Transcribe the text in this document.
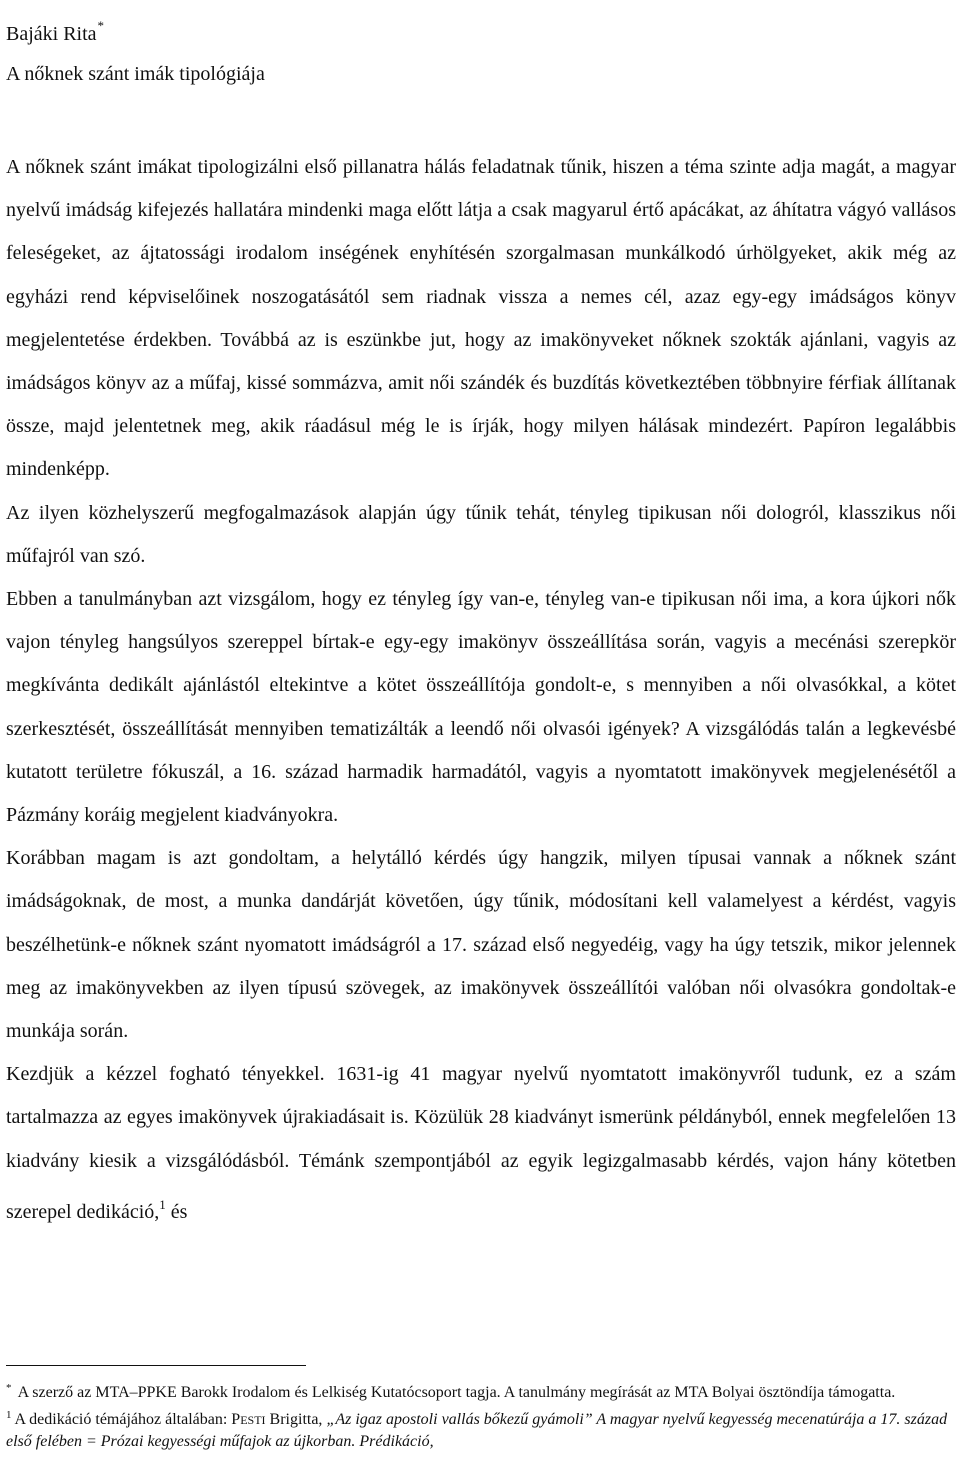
Bajáki Rita*
A nőknek szánt imák tipológiája

A nőknek szánt imákat tipologizálni első pillanatra hálás feladatnak tűnik, hiszen a téma szinte adja magát, a magyar nyelvű imádság kifejezés hallatára mindenki maga előtt látja a csak magyarul értő apácákat, az áhítatra vágyó vallásos feleségeket, az ájtatossági irodalom inségének enyhítésén szorgalmasan munkálkodó úrhölgyeket, akik még az egyházi rend képviselőinek noszogatásától sem riadnak vissza a nemes cél, azaz egy-egy imádságos könyv megjelentetése érdekben. Továbbá az is eszünkbe jut, hogy az imakönyveket nőknek szokták ajánlani, vagyis az imádságos könyv az a műfaj, kissé sommázva, amit női szándék és buzdítás következtében többnyire férfiak állítanak össze, majd jelentetnek meg, akik ráadásul még le is írják, hogy milyen hálásak mindezért. Papíron legalábbis mindenképp.

Az ilyen közhelyszerű megfogalmazások alapján úgy tűnik tehát, tényleg tipikusan női dologról, klasszikus női műfajról van szó.

Ebben a tanulmányban azt vizsgálom, hogy ez tényleg így van-e, tényleg van-e tipikusan női ima, a kora újkori nők vajon tényleg hangsúlyos szereppel bírtak-e egy-egy imakönyv összeállítása során, vagyis a mecénási szerepkör megkívánta dedikált ajánlástól eltekintve a kötet összeállítója gondolt-e, s mennyiben a női olvasókkal, a kötet szerkesztését, összeállítását mennyiben tematizálták a leendő női olvasói igények? A vizsgálódás talán a legkevésbé kutatott területre fókuszál, a 16. század harmadik harmadától, vagyis a nyomtatott imakönyvek megjelenésétől a Pázmány koráig megjelent kiadványokra.

Korábban magam is azt gondoltam, a helytálló kérdés úgy hangzik, milyen típusai vannak a nőknek szánt imádságoknak, de most, a munka dandárját követően, úgy tűnik, módosítani kell valamelyest a kérdést, vagyis beszélhetünk-e nőknek szánt nyomatott imádságról a 17. század első negyedéig, vagy ha úgy tetszik, mikor jelennek meg az imakönyvekben az ilyen típusú szövegek, az imakönyvek összeállítói valóban női olvasókra gondoltak-e munkája során.

Kezdjük a kézzel fogható tényekkel. 1631-ig 41 magyar nyelvű nyomtatott imakönyvről tudunk, ez a szám tartalmazza az egyes imakönyvek újrakiadásait is. Közülük 28 kiadványt ismerünk példányból, ennek megfelelően 13 kiadvány kiesik a vizsgálódásból. Témánk szempontjából az egyik legizgalmasabb kérdés, vajon hány kötetben szerepel dedikáció,$^1$ és

* A szerző az MTA–PPKE Barokk Irodalom és Lelkiség Kutatócsoport tagja. A tanulmány megírását az MTA Bolyai ösztöndíja támogatta.

$^1$ A dedikáció témájához általában: PESTI Brigitta, „Az igaz apostoli vallás bőkezű gyámoli” A magyar nyelvű kegyesség mecenatúrája a 17. század első felében = Prózai kegyességi műfajok az újkorban. Prédikáció,
